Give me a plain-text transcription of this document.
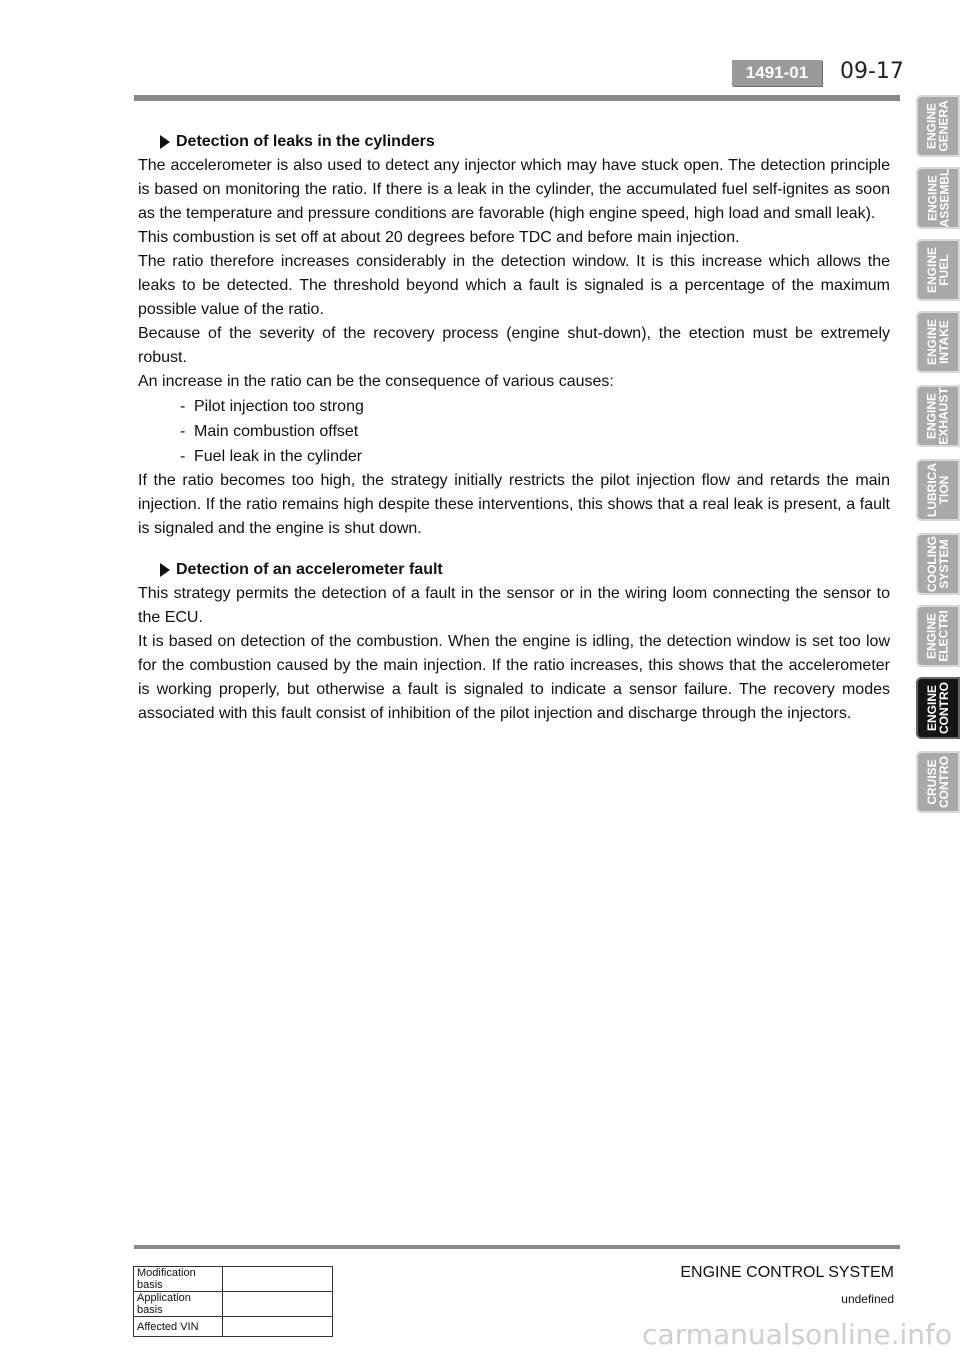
1491-01	09-17
Detection of leaks in the cylinders

The accelerometer is also used to detect any injector which may have stuck open. The detection principle is based on monitoring the ratio. If there is a leak in the cylinder, the accumulated fuel self-ignites as soon as the temperature and pressure conditions are favorable (high engine speed, high load and small leak).

This combustion is set off at about 20 degrees before TDC and before main injection.

The ratio therefore increases considerably in the detection window. It is this increase which allows the leaks to be detected. The threshold beyond which a fault is signaled is a percentage of the maximum possible value of the ratio.

Because of the severity of the recovery process (engine shut-down), the etection must be extremely robust.

An increase in the ratio can be the consequence of various causes:

- Pilot injection too strong
- Main combustion offset
- Fuel leak in the cylinder

If the ratio becomes too high, the strategy initially restricts the pilot injection flow and retards the main injection. If the ratio remains high despite these interventions, this shows that a real leak is present, a fault is signaled and the engine is shut down.

Detection of an accelerometer fault

This strategy permits the detection of a fault in the sensor or in the wiring loom connecting the sensor to the ECU.

It is based on detection of the combustion. When the engine is idling, the detection window is set too low for the combustion caused by the main injection. If the ratio increases, this shows that the accelerometer is working properly, but otherwise a fault is signaled to indicate a sensor failure. The recovery modes associated with this fault consist of inhibition of the pilot injection and discharge through the injectors.

ENGINE
GENERA
ENGINE
ASSEMBL
ENGINE
FUEL
ENGINE
INTAKE
ENGINE
EXHAUST
LUBRICA
TION
COOLING
SYSTEM
ENGINE
ELECTRI
ENGINE
CONTRO
CRUISE
CONTRO
ENGINE CONTROL SYSTEM
undefined
Modification basis	
Application basis	
Affected VIN		carmanualsonline.info
